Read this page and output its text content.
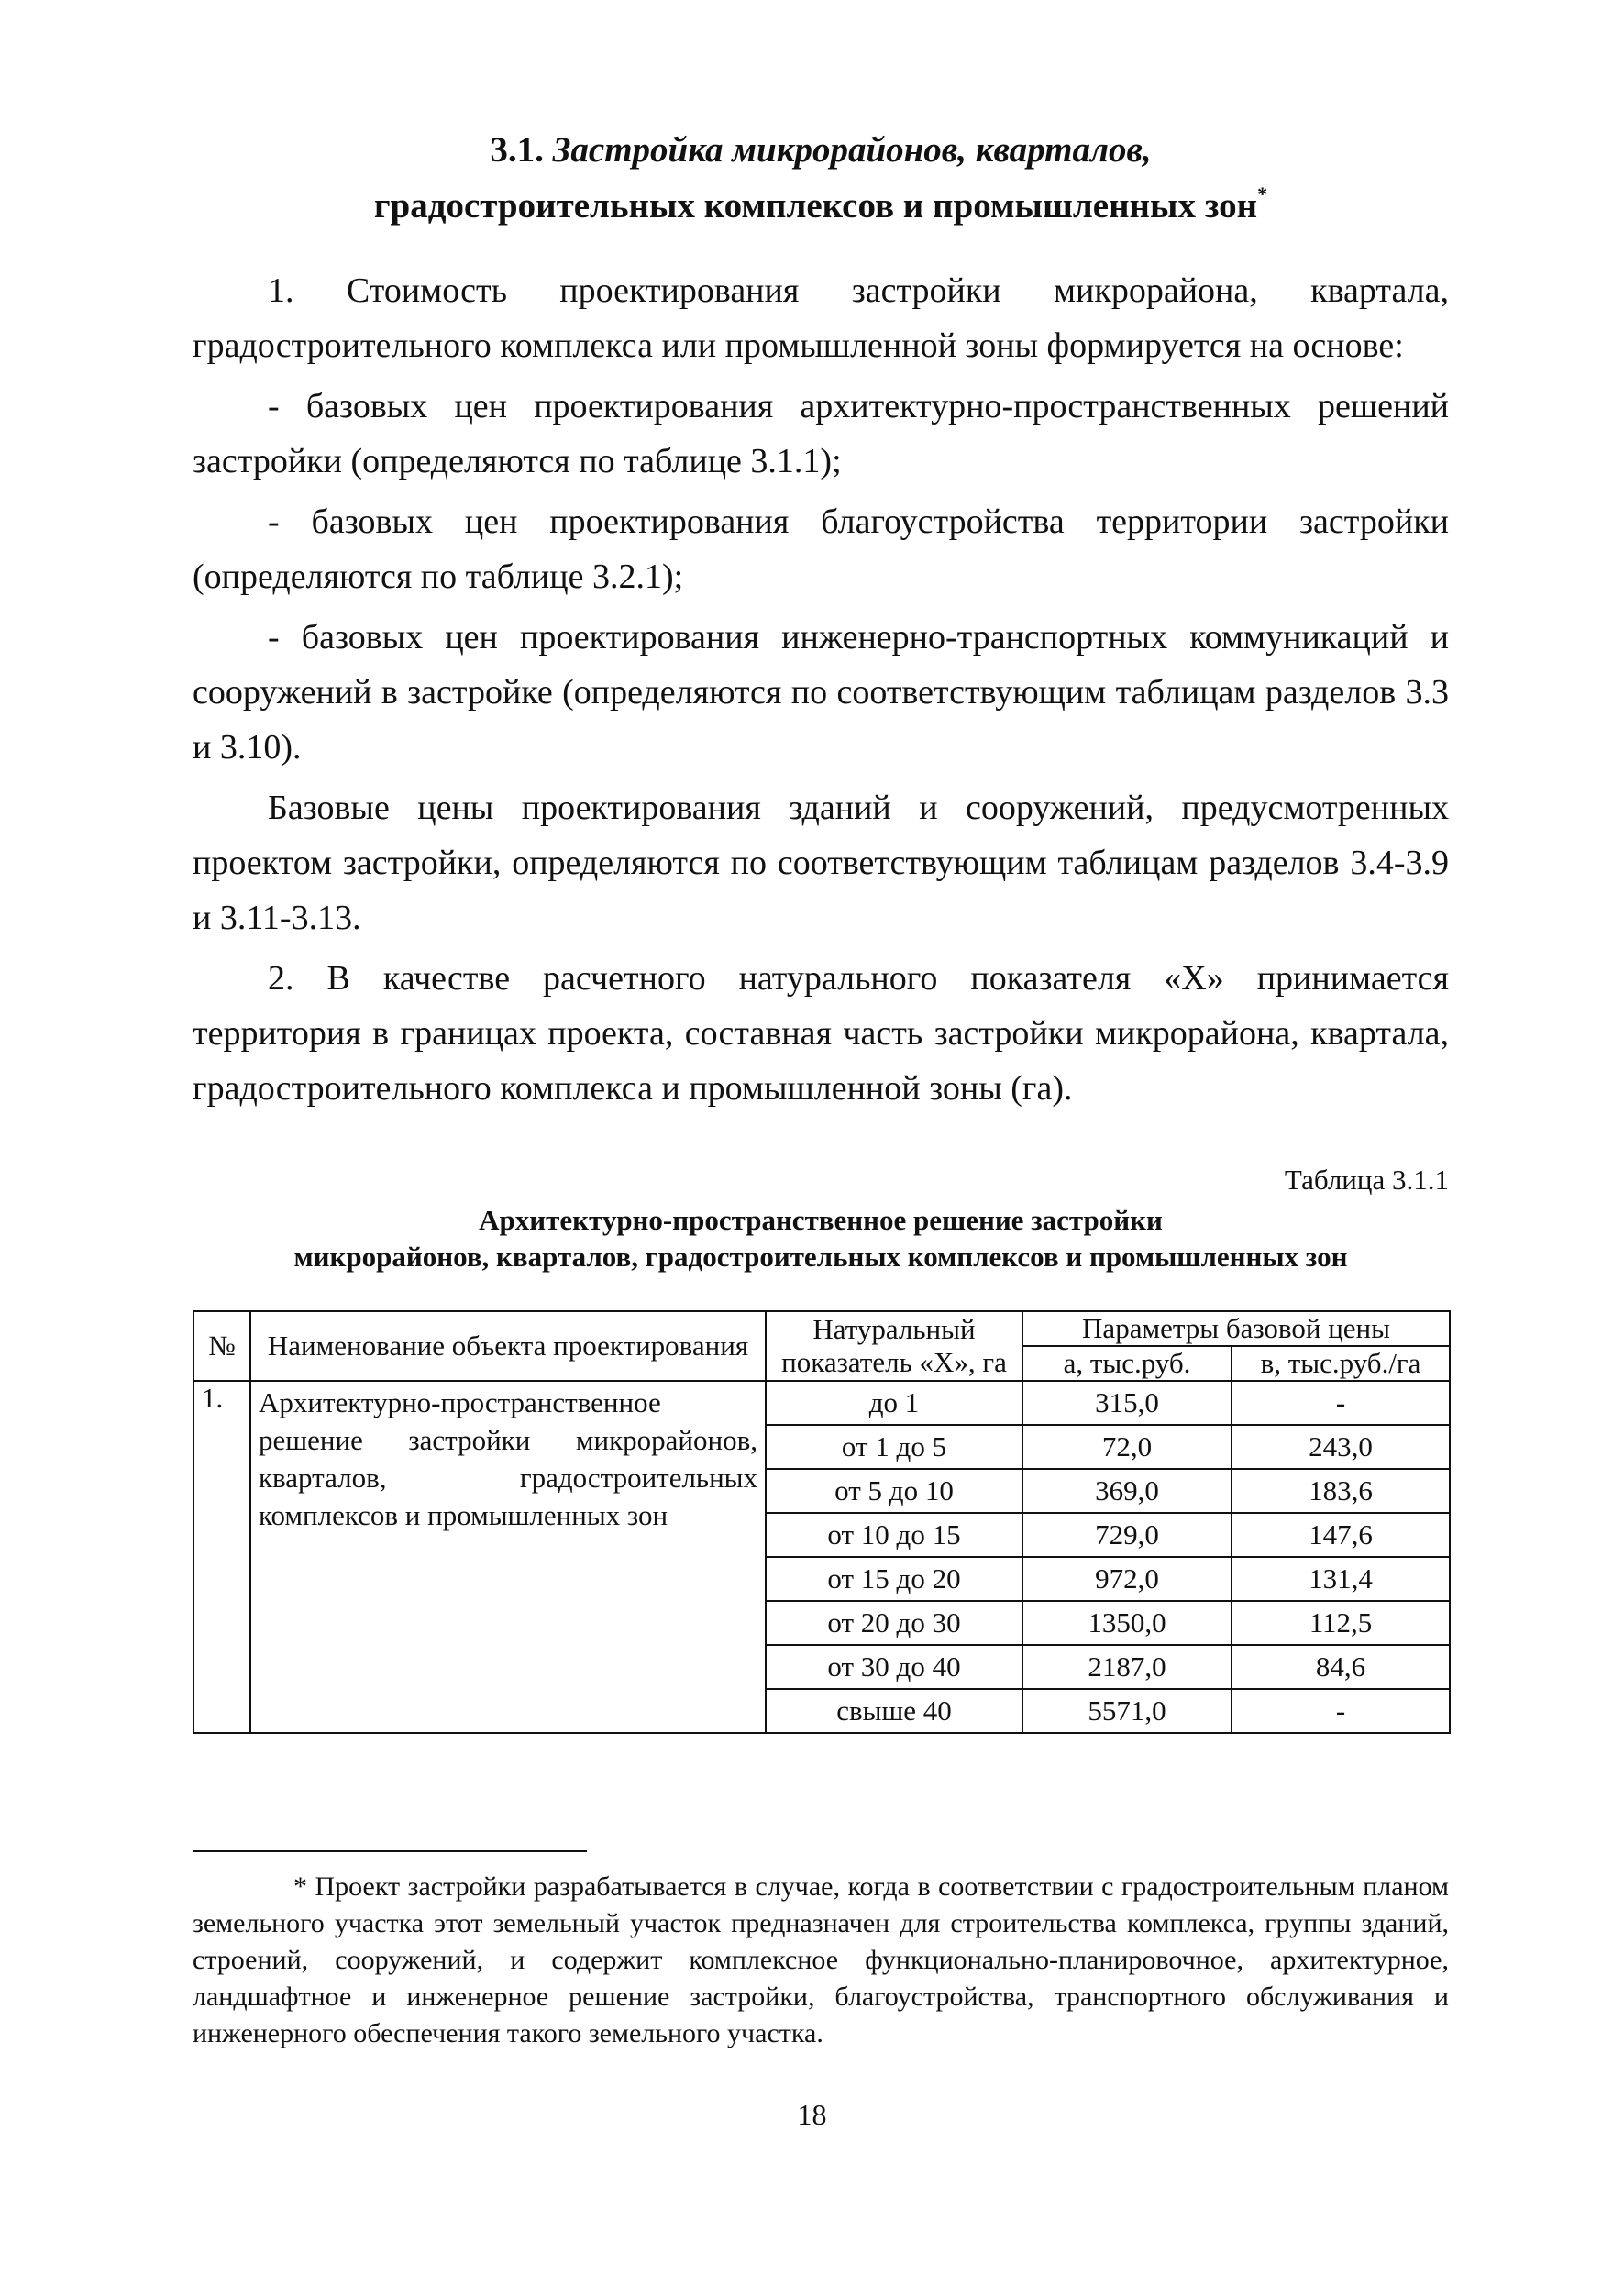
3.1. Застройка микрорайонов, кварталов,
градостроительных комплексов и промышленных зон*

1. Стоимость проектирования застройки микрорайона, квартала, градостроительного комплекса или промышленной зоны формируется на основе:

- базовых цен проектирования архитектурно-пространственных решений застройки (определяются по таблице 3.1.1);

- базовых цен проектирования благоустройства территории застройки (определяются по таблице 3.2.1);

- базовых цен проектирования инженерно-транспортных коммуникаций и сооружений в застройке (определяются по соответствующим таблицам разделов 3.3 и 3.10).

Базовые цены проектирования зданий и сооружений, предусмотренных проектом застройки, определяются по соответствующим таблицам разделов 3.4-3.9 и 3.11-3.13.

2. В качестве расчетного натурального показателя «X» принимается территория в границах проекта, составная часть застройки микрорайона, квартала, градостроительного комплекса и промышленной зоны (га).

Таблица 3.1.1
Архитектурно-пространственное решение застройки
микрорайонов, кварталов, градостроительных комплексов и промышленных зон
№	Наименование объекта проектирования	Натуральный показатель «X», га	Параметры базовой цены	
			а, тыс.руб.	в, тыс.руб./га
1.	Архитектурно-пространственное решение застройки микрорайонов, кварталов, градостроительных комплексов и промышленных зон	до 1	315,0	-
		от 1 до 5	72,0	243,0
		от 5 до 10	369,0	183,6
		от 10 до 15	729,0	147,6
		от 15 до 20	972,0	131,4
		от 20 до 30	1350,0	112,5
		от 30 до 40	2187,0	84,6
		свыше 40	5571,0	-

* Проект застройки разрабатывается в случае, когда в соответствии с градостроительным планом земельного участка этот земельный участок предназначен для строительства комплекса, группы зданий, строений, сооружений, и содержит комплексное функционально-планировочное, архитектурное, ландшафтное и инженерное решение застройки, благоустройства, транспортного обслуживания и инженерного обеспечения такого земельного участка.

18
